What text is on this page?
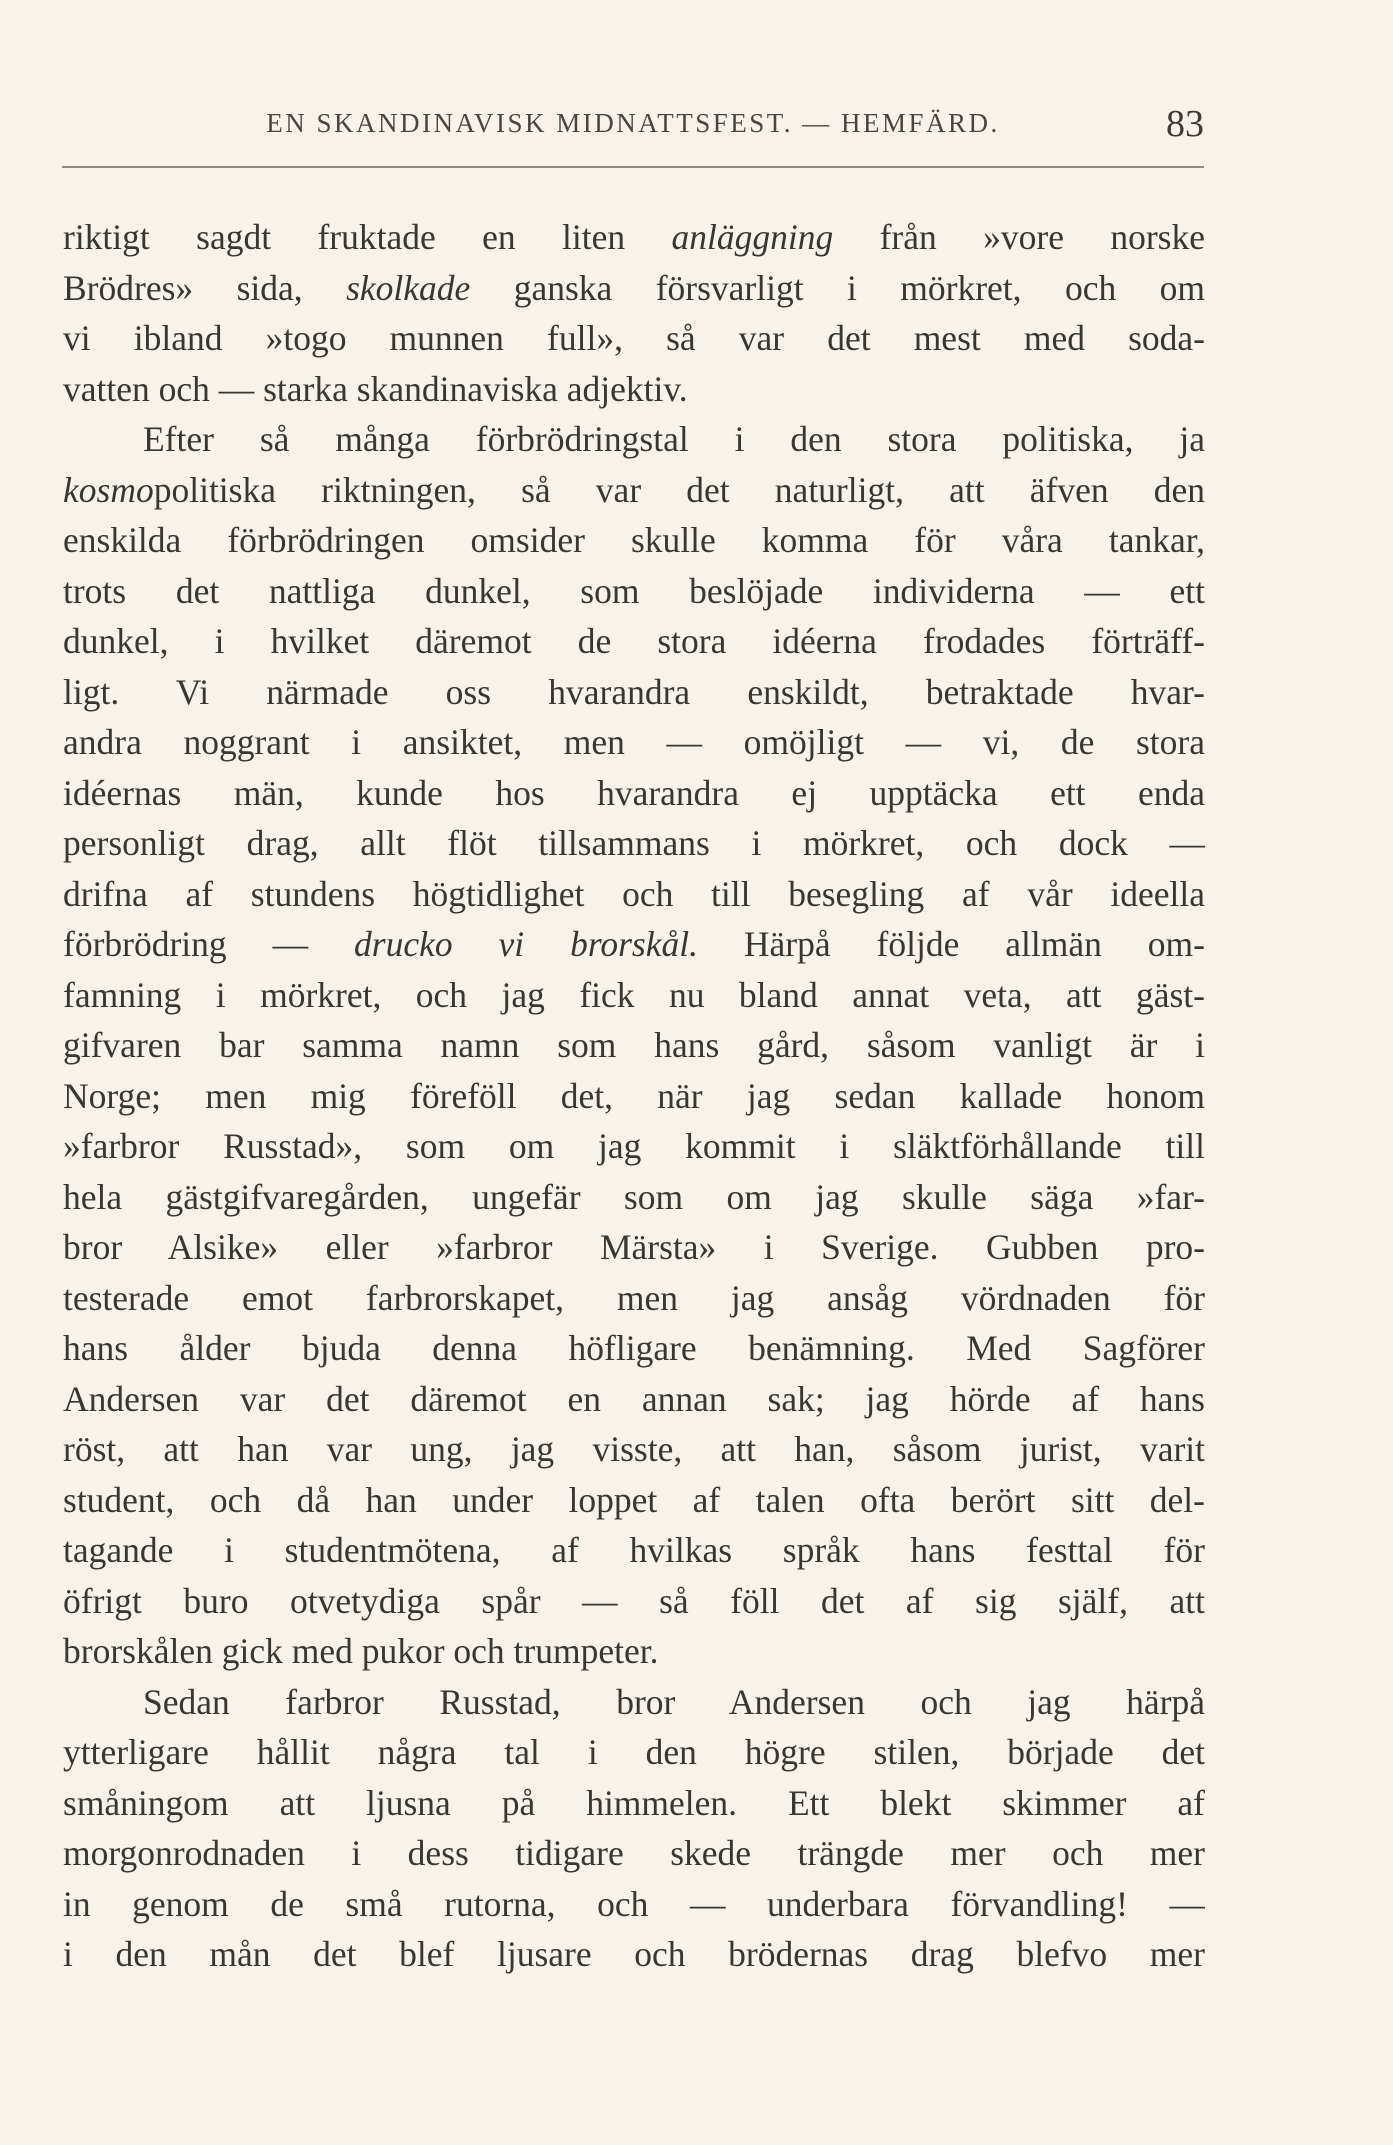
EN SKANDINAVISK MIDNATTSFEST. — HEMFÄRD.	83
riktigt sagdt fruktade en liten anläggning från »vore norske
Brödres» sida, skolkade ganska försvarligt i mörkret, och om
vi ibland »togo munnen full», så var det mest med soda-
vatten och — starka skandinaviska adjektiv.
Efter så många förbrödringstal i den stora politiska, ja
kosmopolitiska riktningen, så var det naturligt, att äfven den
enskilda förbrödringen omsider skulle komma för våra tankar,
trots det nattliga dunkel, som beslöjade individerna — ett
dunkel, i hvilket däremot de stora idéerna frodades förträff-
ligt. Vi närmade oss hvarandra enskildt, betraktade hvar-
andra noggrant i ansiktet, men — omöjligt — vi, de stora
idéernas män, kunde hos hvarandra ej upptäcka ett enda
personligt drag, allt flöt tillsammans i mörkret, och dock —
drifna af stundens högtidlighet och till besegling af vår ideella
förbrödring — drucko vi brorskål. Härpå följde allmän om-
famning i mörkret, och jag fick nu bland annat veta, att gäst-
gifvaren bar samma namn som hans gård, såsom vanligt är i
Norge; men mig föreföll det, när jag sedan kallade honom
»farbror Russtad», som om jag kommit i släktförhållande till
hela gästgifvaregården, ungefär som om jag skulle säga »far-
bror Alsike» eller »farbror Märsta» i Sverige. Gubben pro-
testerade emot farbrorskapet, men jag ansåg vördnaden för
hans ålder bjuda denna höfligare benämning. Med Sagförer
Andersen var det däremot en annan sak; jag hörde af hans
röst, att han var ung, jag visste, att han, såsom jurist, varit
student, och då han under loppet af talen ofta berört sitt del-
tagande i studentmötena, af hvilkas språk hans festtal för
öfrigt buro otvetydiga spår — så föll det af sig själf, att
brorskålen gick med pukor och trumpeter.
Sedan farbror Russtad, bror Andersen och jag härpå
ytterligare hållit några tal i den högre stilen, började det
småningom att ljusna på himmelen. Ett blekt skimmer af
morgonrodnaden i dess tidigare skede trängde mer och mer
in genom de små rutorna, och — underbara förvandling! —
i den mån det blef ljusare och brödernas drag blefvo mer
